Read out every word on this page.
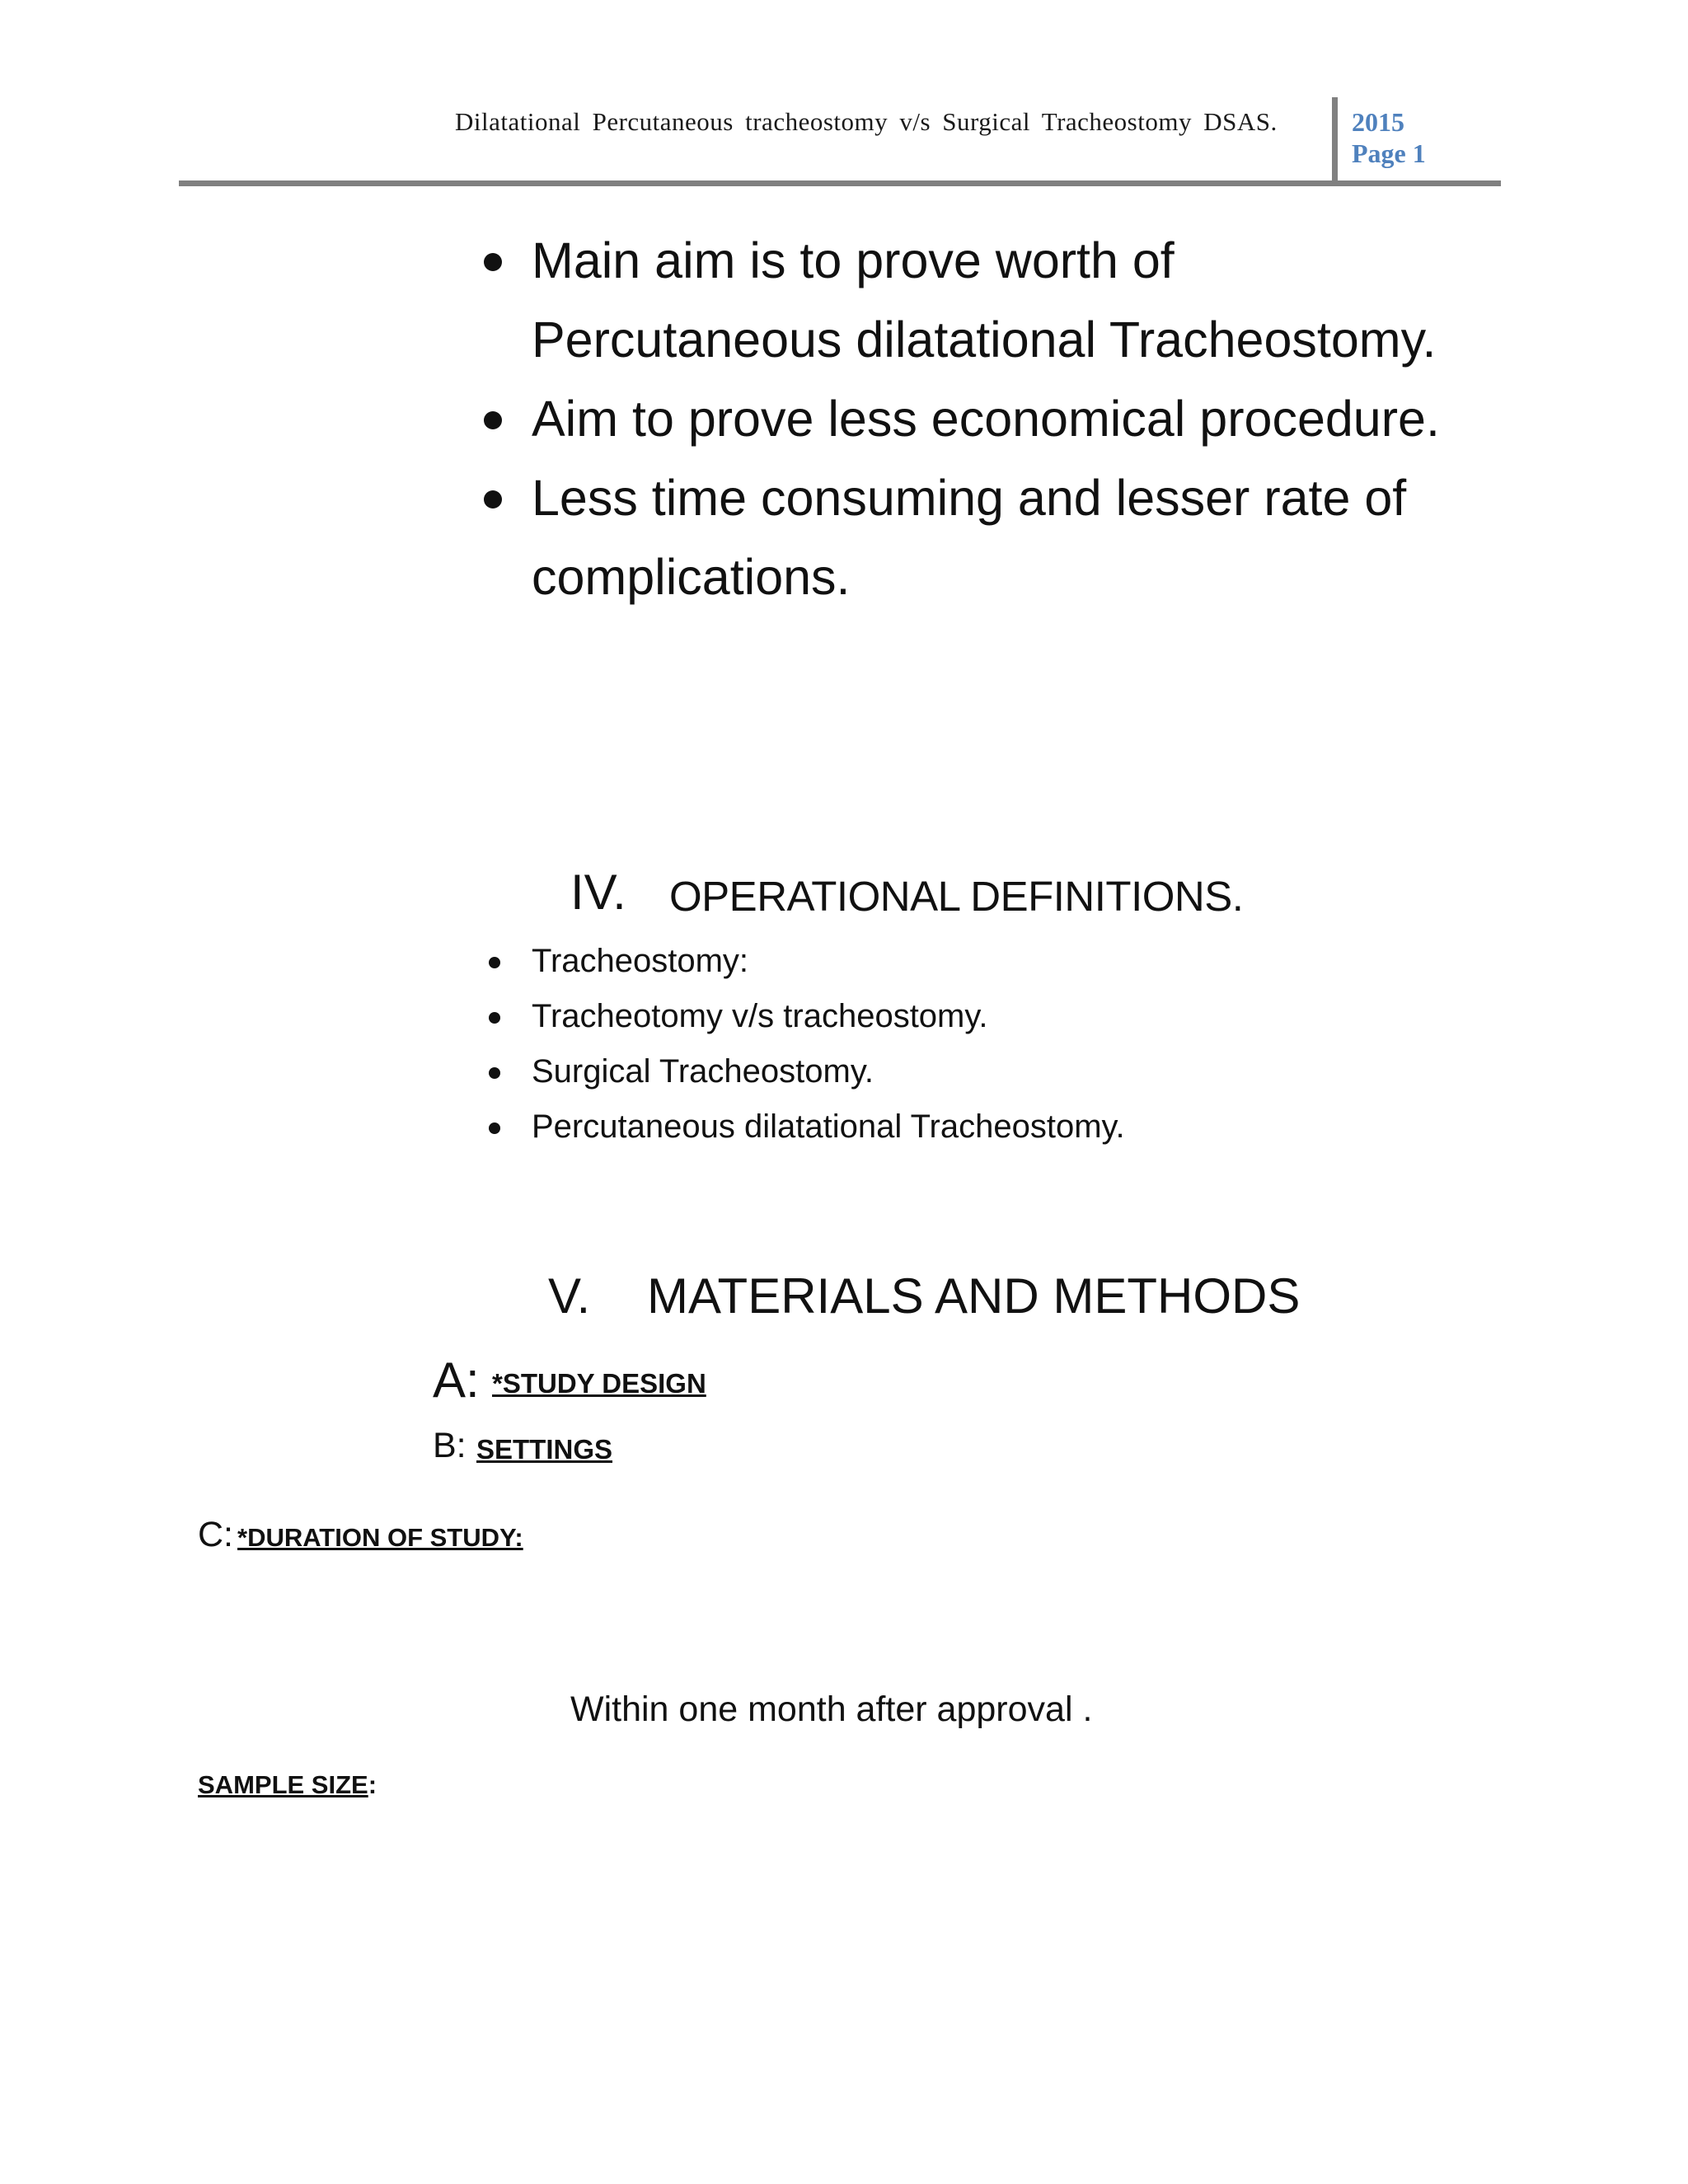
Dilatational Percutaneous tracheostomy v/s Surgical Tracheostomy DSAS.	2015
Page 1
Main aim is to prove worth of
Percutaneous dilatational Tracheostomy.
Aim to prove less economical procedure.
Less time consuming and lesser rate of
complications.
IV. OPERATIONAL DEFINITIONS.
Tracheostomy:
Tracheotomy v/s tracheostomy.
Surgical Tracheostomy.
Percutaneous dilatational Tracheostomy.
V. MATERIALS AND METHODS
A: *STUDY DESIGN
B: SETTINGS
C: *DURATION OF STUDY:
Within one month after approval .
SAMPLE SIZE:
